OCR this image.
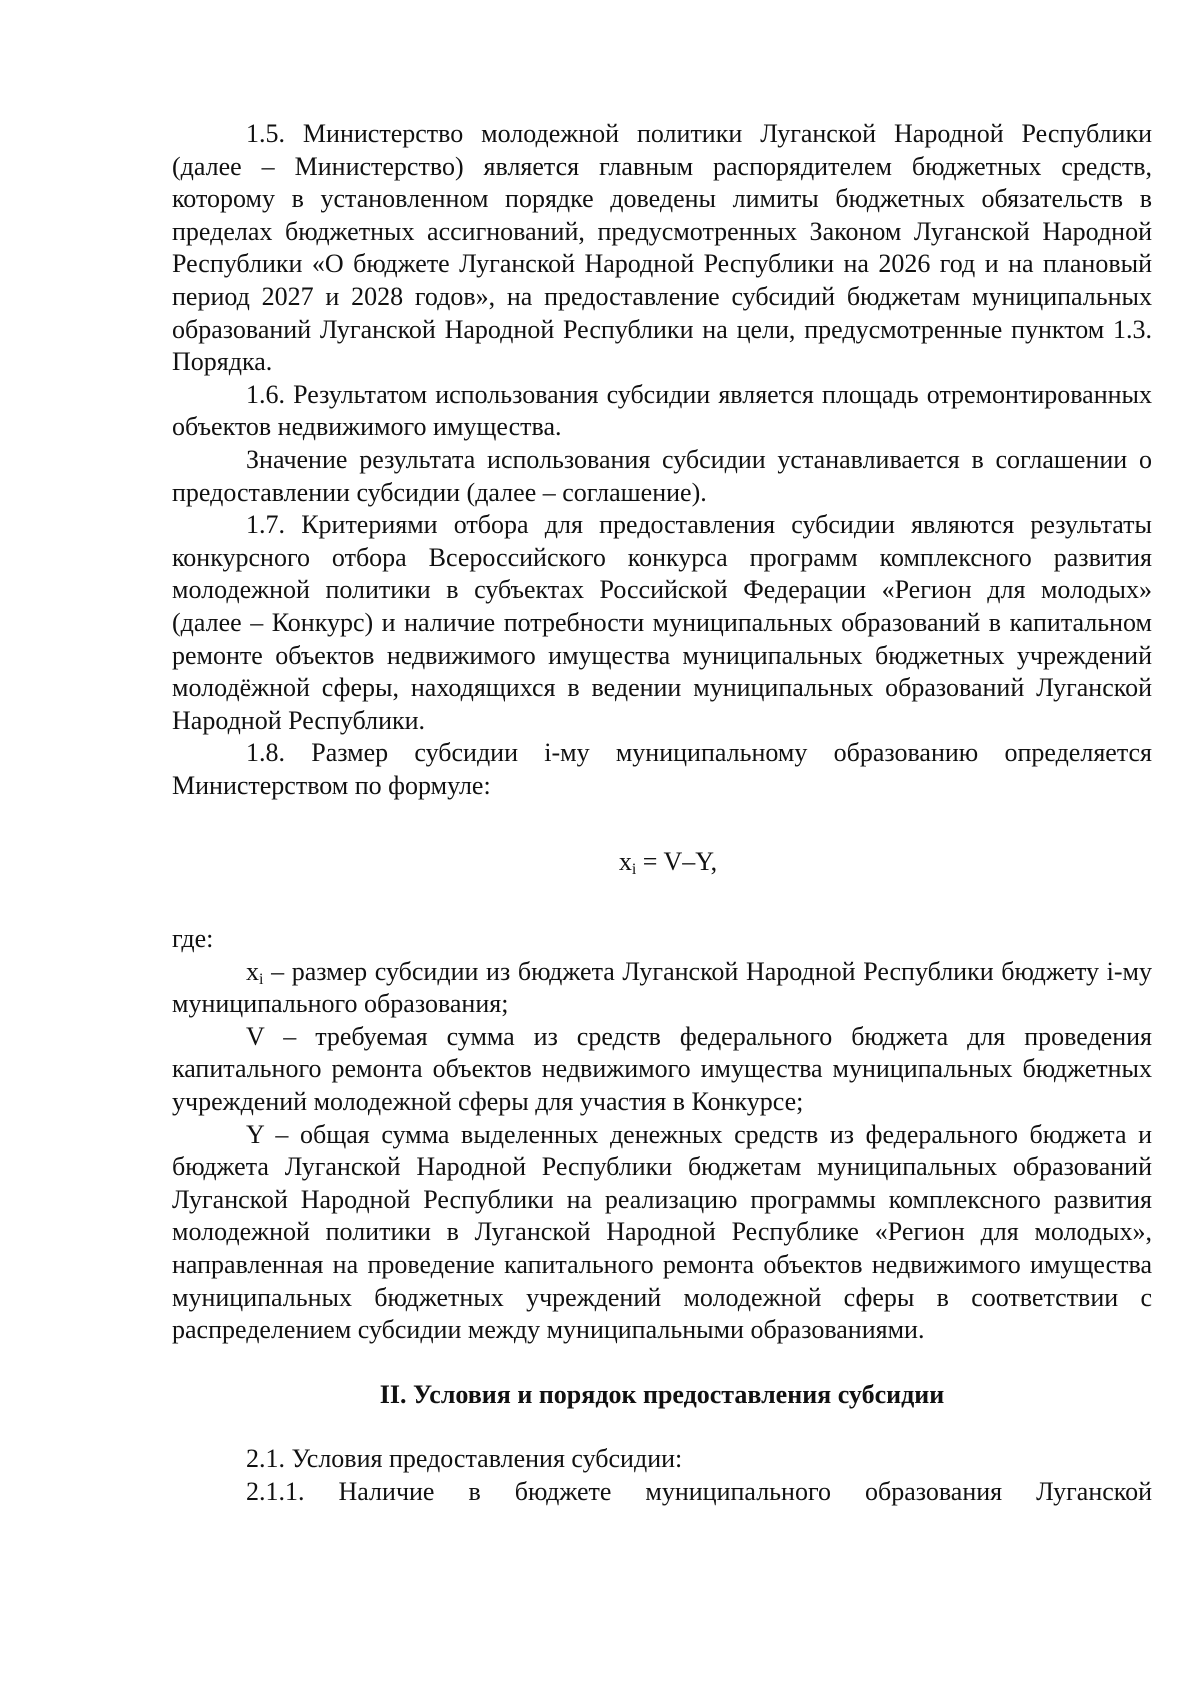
1.5. Министерство молодежной политики Луганской Народной Республики (далее – Министерство) является главным распорядителем бюджетных средств, которому в установленном порядке доведены лимиты бюджетных обязательств в пределах бюджетных ассигнований, предусмотренных Законом Луганской Народной Республики «О бюджете Луганской Народной Республики на 2026 год и на плановый период 2027 и 2028 годов», на предоставление субсидий бюджетам муниципальных образований Луганской Народной Республики на цели, предусмотренные пунктом 1.3. Порядка.

1.6. Результатом использования субсидии является площадь отремонтированных объектов недвижимого имущества.

Значение результата использования субсидии устанавливается в соглашении о предоставлении субсидии (далее – соглашение).

1.7. Критериями отбора для предоставления субсидии являются результаты конкурсного отбора Всероссийского конкурса программ комплексного развития молодежной политики в субъектах Российской Федерации «Регион для молодых» (далее – Конкурс) и наличие потребности муниципальных образований в капитальном ремонте объектов недвижимого имущества муниципальных бюджетных учреждений молодёжной сферы, находящихся в ведении муниципальных образований Луганской Народной Республики.

1.8. Размер субсидии i-му муниципальному образованию определяется Министерством по формуле:

$x_i = V-Y$,

где:

xi – размер субсидии из бюджета Луганской Народной Республики бюджету i-му муниципального образования;

V – требуемая сумма из средств федерального бюджета для проведения капитального ремонта объектов недвижимого имущества муниципальных бюджетных учреждений молодежной сферы для участия в Конкурсе;

Y – общая сумма выделенных денежных средств из федерального бюджета и бюджета Луганской Народной Республики бюджетам муниципальных образований Луганской Народной Республики на реализацию программы комплексного развития молодежной политики в Луганской Народной Республике «Регион для молодых», направленная на проведение капитального ремонта объектов недвижимого имущества муниципальных бюджетных учреждений молодежной сферы в соответствии с распределением субсидии между муниципальными образованиями.

II. Условия и порядок предоставления субсидии

2.1. Условия предоставления субсидии:

2.1.1. Наличие в бюджете муниципального образования Луганской
